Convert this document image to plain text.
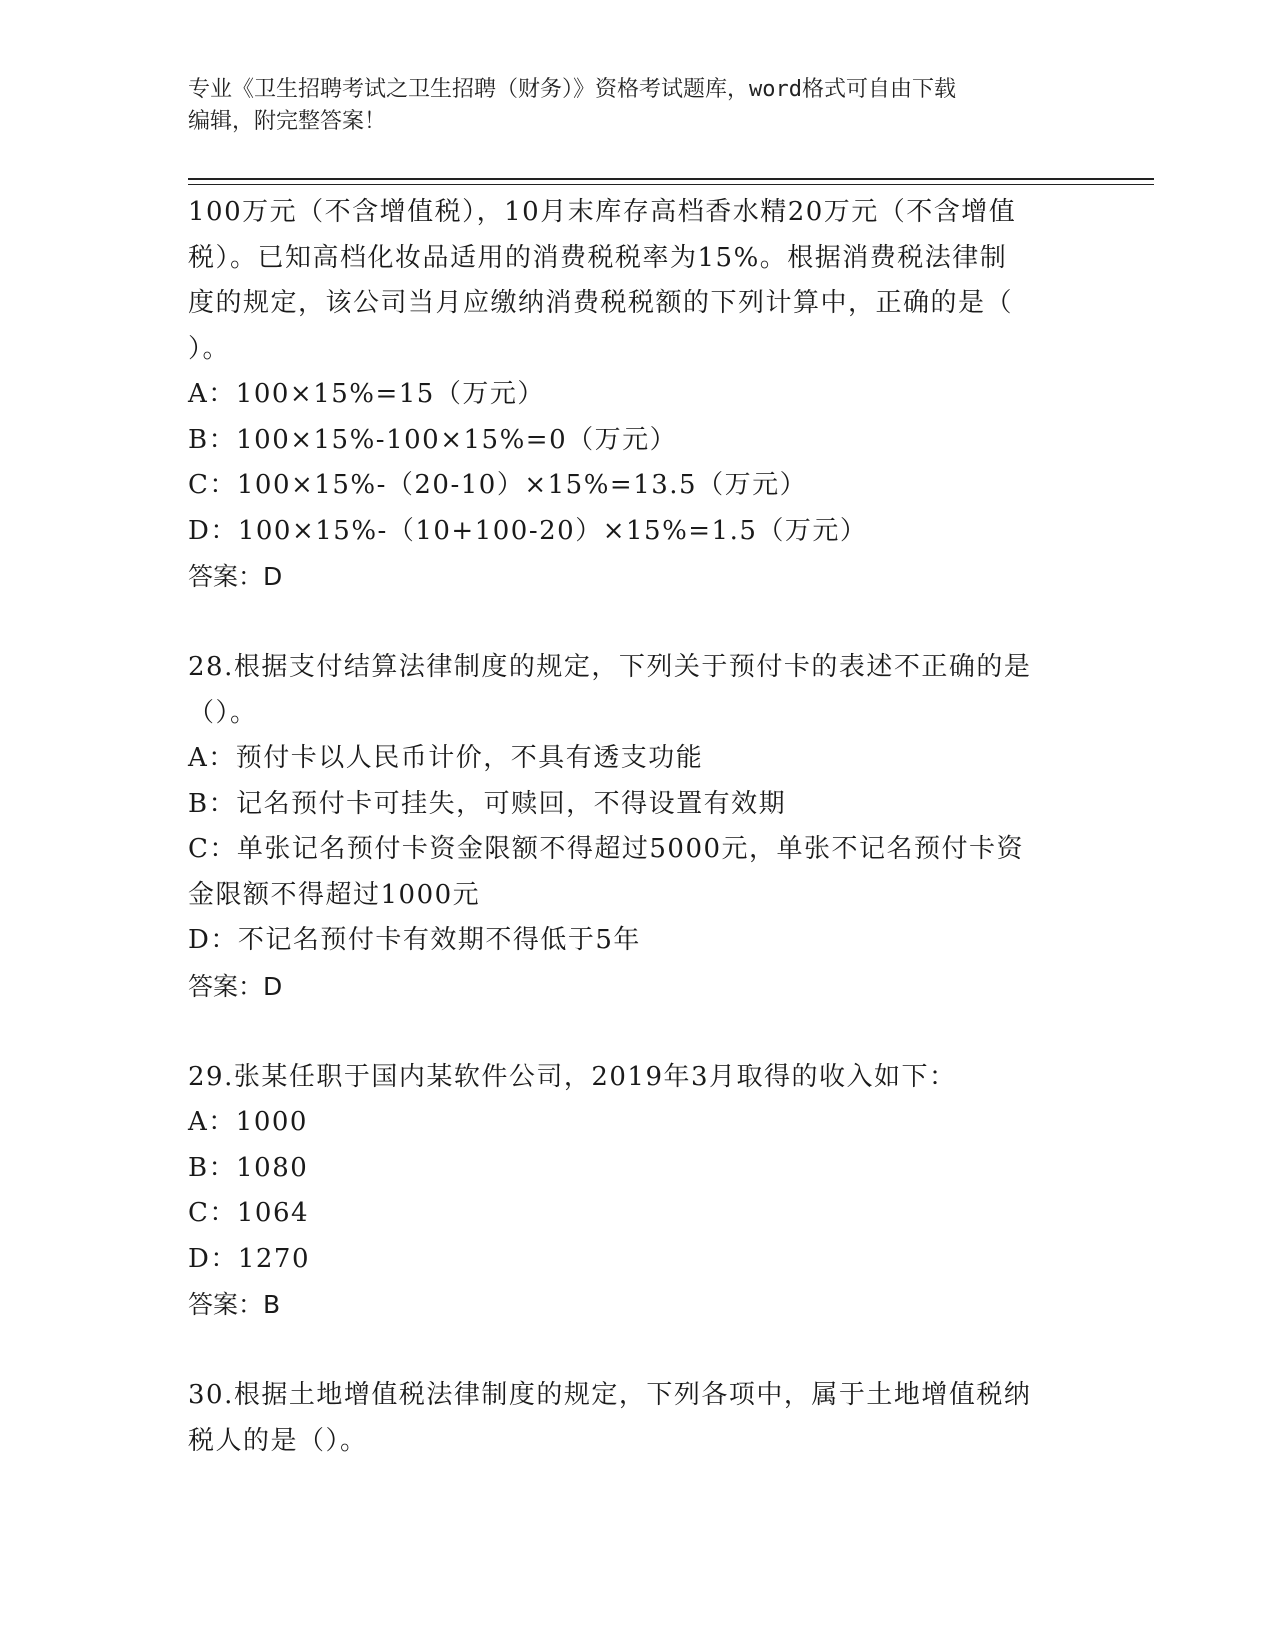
专业《卫生招聘考试之卫生招聘（财务）》资格考试题库，word格式可自由下载
编辑，附完整答案！
100万元（不含增值税），10月末库存高档香水精20万元（不含增值
税）。已知高档化妆品适用的消费税税率为15%。根据消费税法律制
度的规定，该公司当月应缴纳消费税税额的下列计算中，正确的是（
）。
A：100×15%=15（万元）
B：100×15%-100×15%=0（万元）
C：100×15%-（20-10）×15%=13.5（万元）
D：100×15%-（10+100-20）×15%=1.5（万元）
答案：D
28.根据支付结算法律制度的规定，下列关于预付卡的表述不正确的是
（）。
A：预付卡以人民币计价，不具有透支功能
B：记名预付卡可挂失，可赎回，不得设置有效期
C：单张记名预付卡资金限额不得超过5000元，单张不记名预付卡资
金限额不得超过1000元
D：不记名预付卡有效期不得低于5年
答案：D
29.张某任职于国内某软件公司，2019年3月取得的收入如下：
A：1000
B：1080
C：1064
D：1270
答案：B
30.根据土地增值税法律制度的规定，下列各项中，属于土地增值税纳
税人的是（）。
